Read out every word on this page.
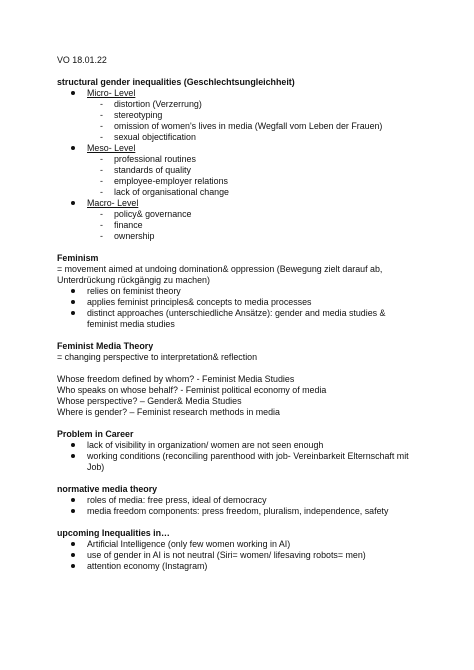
VO 18.01.22
structural gender inequalities (Geschlechtsungleichheit)
Micro- Level
- distortion (Verzerrung)
- stereotyping
- omission of women's lives in media (Wegfall vom Leben der Frauen)
- sexual objectification
Meso- Level
- professional routines
- standards of quality
- employee-employer relations
- lack of organisational change
Macro- Level
- policy& governance
- finance
- ownership
Feminism
= movement aimed at undoing domination& oppression (Bewegung zielt darauf ab,
Unterdrückung rückgängig zu machen)
relies on feminist theory
applies feminist principles& concepts to media processes
distinct approaches (unterschiedliche Ansätze): gender and media studies & feminist media studies
Feminist Media Theory
= changing perspective to interpretation& reflection
Whose freedom defined by whom? - Feminist Media Studies
Who speaks on whose behalf? - Feminist political economy of media
Whose perspective? – Gender& Media Studies
Where is gender? – Feminist research methods in media
Problem in Career
lack of visibility in organization/ women are not seen enough
working conditions (reconciling parenthood with job- Vereinbarkeit Elternschaft mit Job)
normative media theory
roles of media: free press, ideal of democracy
media freedom components: press freedom, pluralism, independence, safety
upcoming Inequalities in…
Artificial Intelligence (only few women working in AI)
use of gender in AI is not neutral (Siri= women/ lifesaving robots= men)
attention economy (Instagram)
